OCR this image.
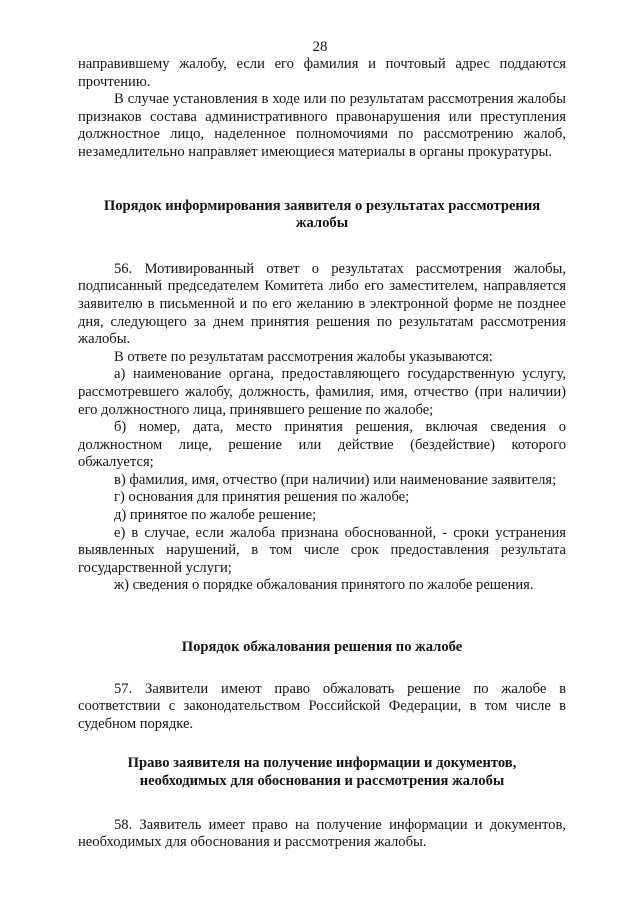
28

направившему жалобу, если его фамилия и почтовый адрес поддаются прочтению.

В случае установления в ходе или по результатам рассмотрения жалобы признаков состава административного правонарушения или преступления должностное лицо, наделенное полномочиями по рассмотрению жалоб, незамедлительно направляет имеющиеся материалы в органы прокуратуры.

Порядок информирования заявителя о результатах рассмотрения

жалобы

56. Мотивированный ответ о результатах рассмотрения жалобы, подписанный председателем Комитета либо его заместителем, направляется заявителю в письменной и по его желанию в электронной форме не позднее дня, следующего за днем принятия решения по результатам рассмотрения жалобы.

В ответе по результатам рассмотрения жалобы указываются:

а) наименование органа, предоставляющего государственную услугу, рассмотревшего жалобу, должность, фамилия, имя, отчество (при наличии) его должностного лица, принявшего решение по жалобе;

б) номер, дата, место принятия решения, включая сведения о должностном лице, решение или действие (бездействие) которого обжалуется;

в) фамилия, имя, отчество (при наличии) или наименование заявителя;

г) основания для принятия решения по жалобе;

д) принятое по жалобе решение;

е) в случае, если жалоба признана обоснованной, - сроки устранения выявленных нарушений, в том числе срок предоставления результата государственной услуги;

ж) сведения о порядке обжалования принятого по жалобе решения.

Порядок обжалования решения по жалобе

57. Заявители имеют право обжаловать решение по жалобе в соответствии с законодательством Российской Федерации, в том числе в судебном порядке.

Право заявителя на получение информации и документов,

необходимых для обоснования и рассмотрения жалобы

58. Заявитель имеет право на получение информации и документов, необходимых для обоснования и рассмотрения жалобы.
